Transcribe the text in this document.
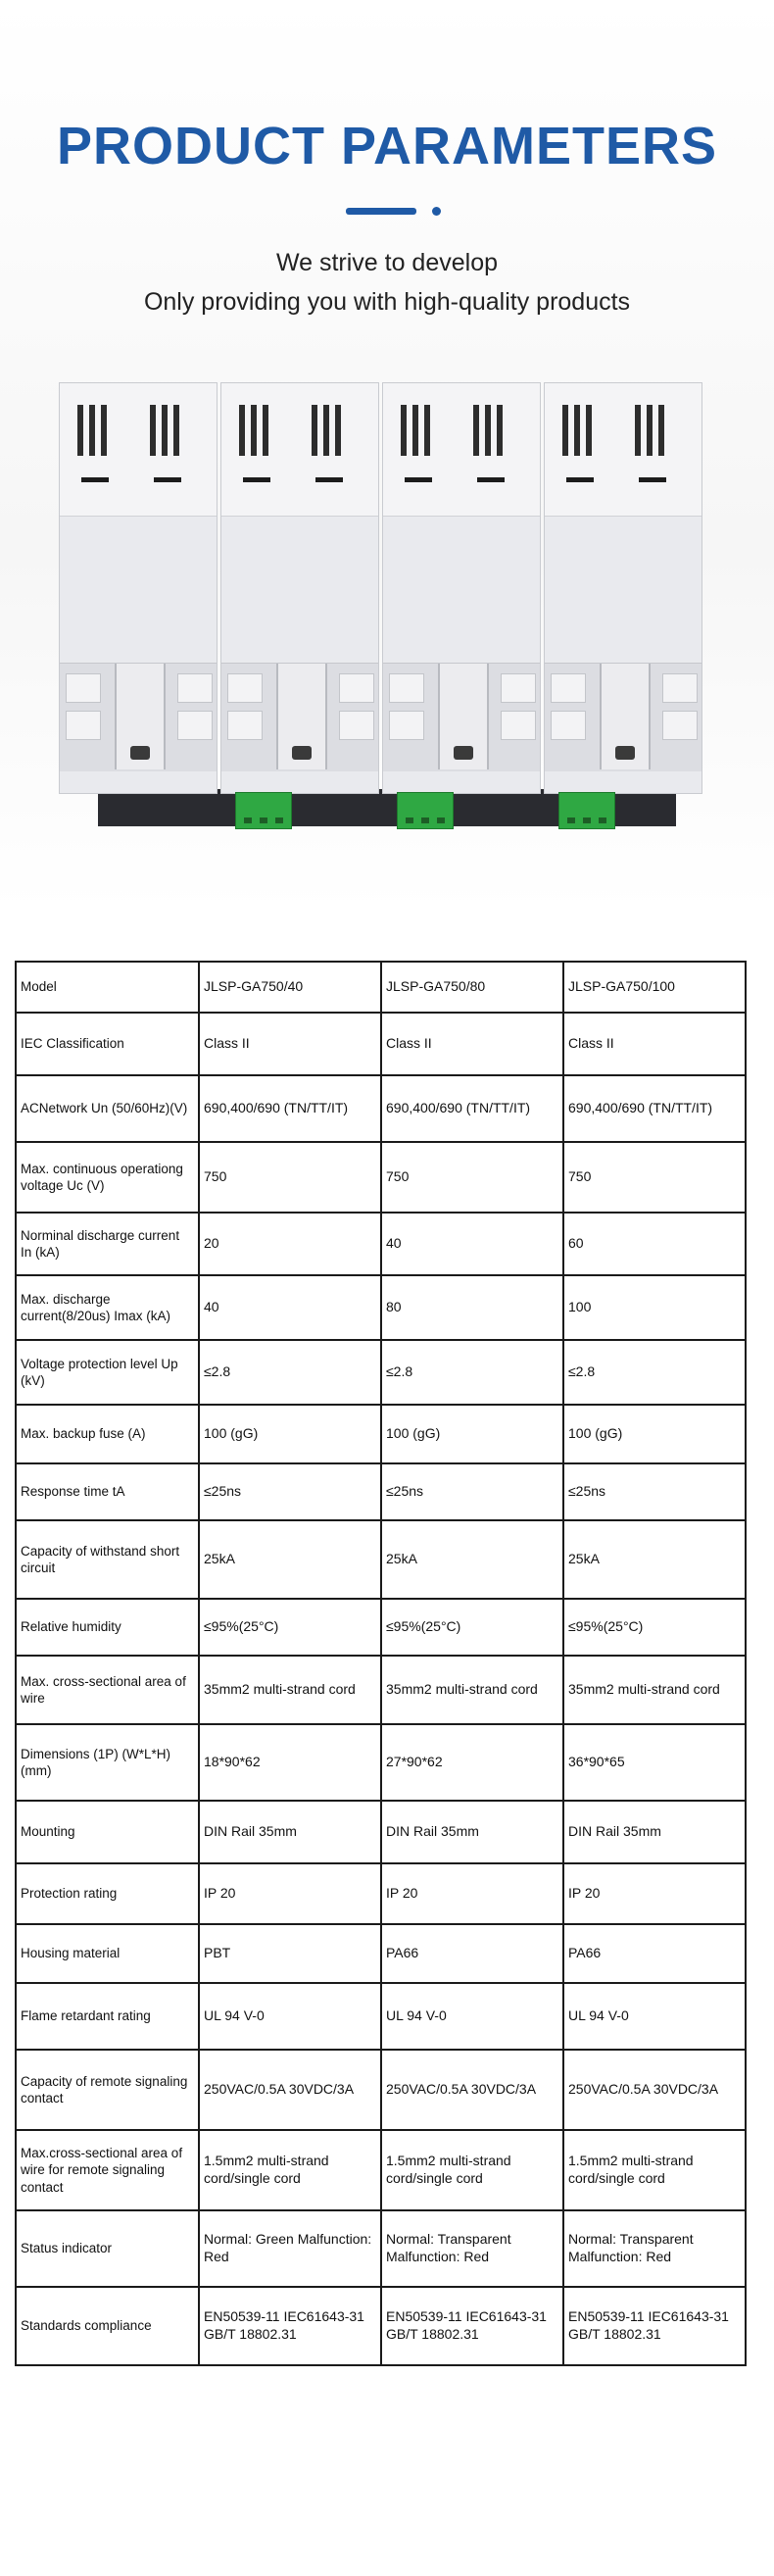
PRODUCT PARAMETERS
We strive to develop
Only providing you with high-quality products
Model	JLSP-GA750/40	JLSP-GA750/80	JLSP-GA750/100
IEC Classification	Class II	Class II	Class II
ACNetwork Un (50/60Hz)(V)	690,400/690 (TN/TT/IT)	690,400/690 (TN/TT/IT)	690,400/690 (TN/TT/IT)
Max. continuous operationg voltage Uc (V)	750	750	750
Norminal discharge current In (kA)	20	40	60
Max. discharge current(8/20us) Imax (kA)	40	80	100
Voltage protection level Up (kV)	≤2.8	≤2.8	≤2.8
Max. backup fuse (A)	100 (gG)	100 (gG)	100 (gG)
Response time tA	≤25ns	≤25ns	≤25ns
Capacity of withstand short circuit	25kA	25kA	25kA
Relative humidity	≤95%(25°C)	≤95%(25°C)	≤95%(25°C)
Max. cross-sectional area of wire	35mm2 multi-strand cord	35mm2 multi-strand cord	35mm2 multi-strand cord
Dimensions (1P) (W*L*H) (mm)	18*90*62	27*90*62	36*90*65
Mounting	DIN Rail 35mm	DIN Rail 35mm	DIN Rail 35mm
Protection rating	IP 20	IP 20	IP 20
Housing material	PBT	PA66	PA66
Flame retardant rating	UL 94 V-0	UL 94 V-0	UL 94 V-0
Capacity of remote signaling contact	250VAC/0.5A 30VDC/3A	250VAC/0.5A 30VDC/3A	250VAC/0.5A 30VDC/3A
Max.cross-sectional area of wire for remote signaling contact	1.5mm2 multi-strand cord/single cord	1.5mm2 multi-strand cord/single cord	1.5mm2 multi-strand cord/single cord
Status indicator	Normal: Green Malfunction: Red	Normal: Transparent Malfunction: Red	Normal: Transparent Malfunction: Red
Standards compliance	EN50539-11 IEC61643-31 GB/T 18802.31	EN50539-11 IEC61643-31 GB/T 18802.31	EN50539-11 IEC61643-31 GB/T 18802.31
